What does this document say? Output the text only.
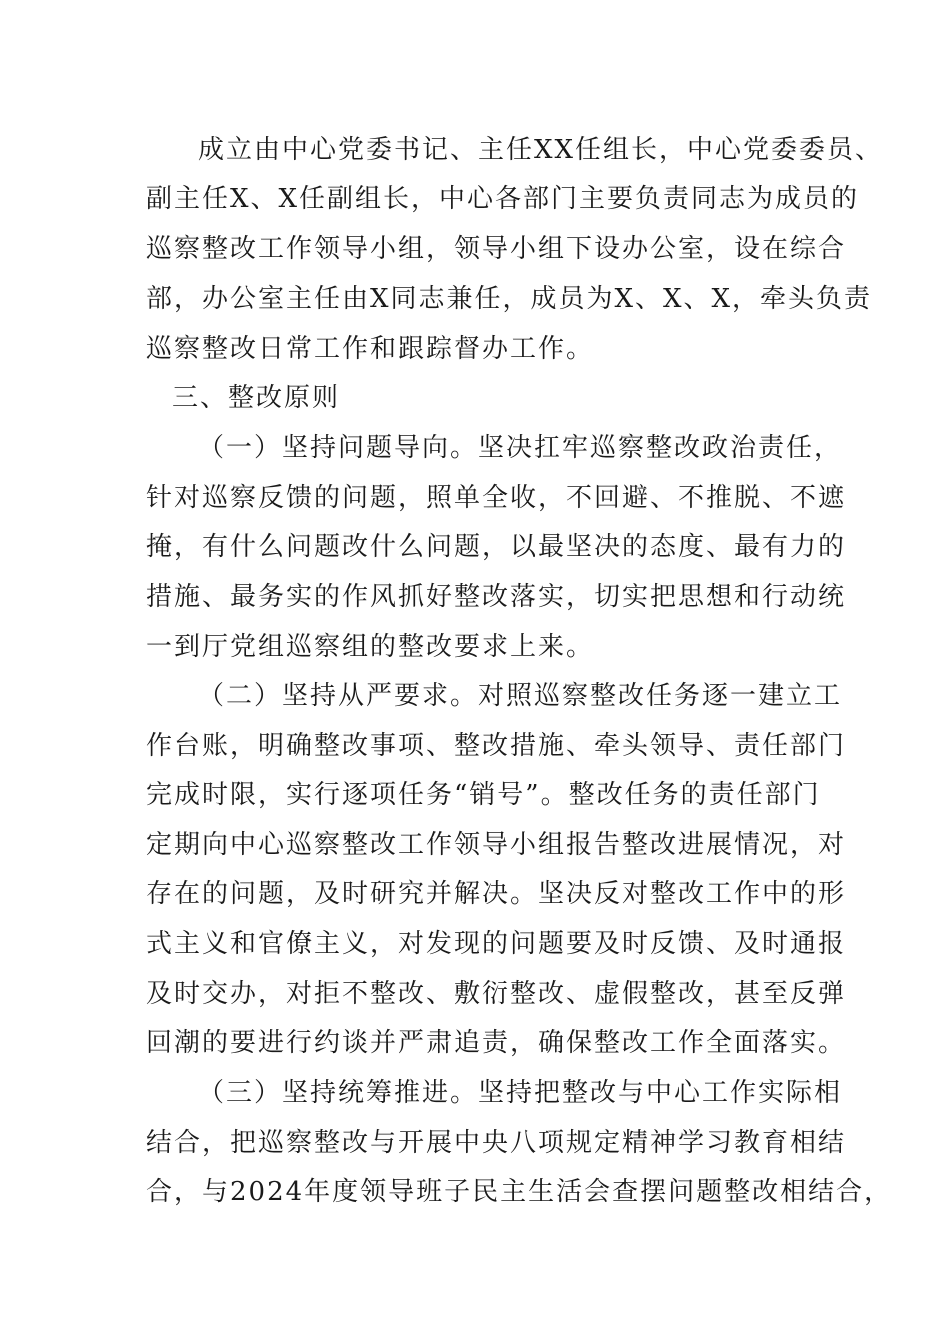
成立由中心党委书记、主任XX任组长，中心党委委员、
副主任X、X任副组长，中心各部门主要负责同志为成员的
巡察整改工作领导小组，领导小组下设办公室，设在综合
部，办公室主任由X同志兼任，成员为X、X、X，牵头负责
巡察整改日常工作和跟踪督办工作。
三、整改原则
（一）坚持问题导向。坚决扛牢巡察整改政治责任，
针对巡察反馈的问题，照单全收，不回避、不推脱、不遮
掩，有什么问题改什么问题，以最坚决的态度、最有力的
措施、最务实的作风抓好整改落实，切实把思想和行动统
一到厅党组巡察组的整改要求上来。
（二）坚持从严要求。对照巡察整改任务逐一建立工
作台账，明确整改事项、整改措施、牵头领导、责任部门
完成时限，实行逐项任务“销号”。整改任务的责任部门
定期向中心巡察整改工作领导小组报告整改进展情况，对
存在的问题，及时研究并解决。坚决反对整改工作中的形
式主义和官僚主义，对发现的问题要及时反馈、及时通报
及时交办，对拒不整改、敷衍整改、虚假整改，甚至反弹
回潮的要进行约谈并严肃追责，确保整改工作全面落实。
（三）坚持统筹推进。坚持把整改与中心工作实际相
结合，把巡察整改与开展中央八项规定精神学习教育相结
合，与2024年度领导班子民主生活会查摆问题整改相结合，
